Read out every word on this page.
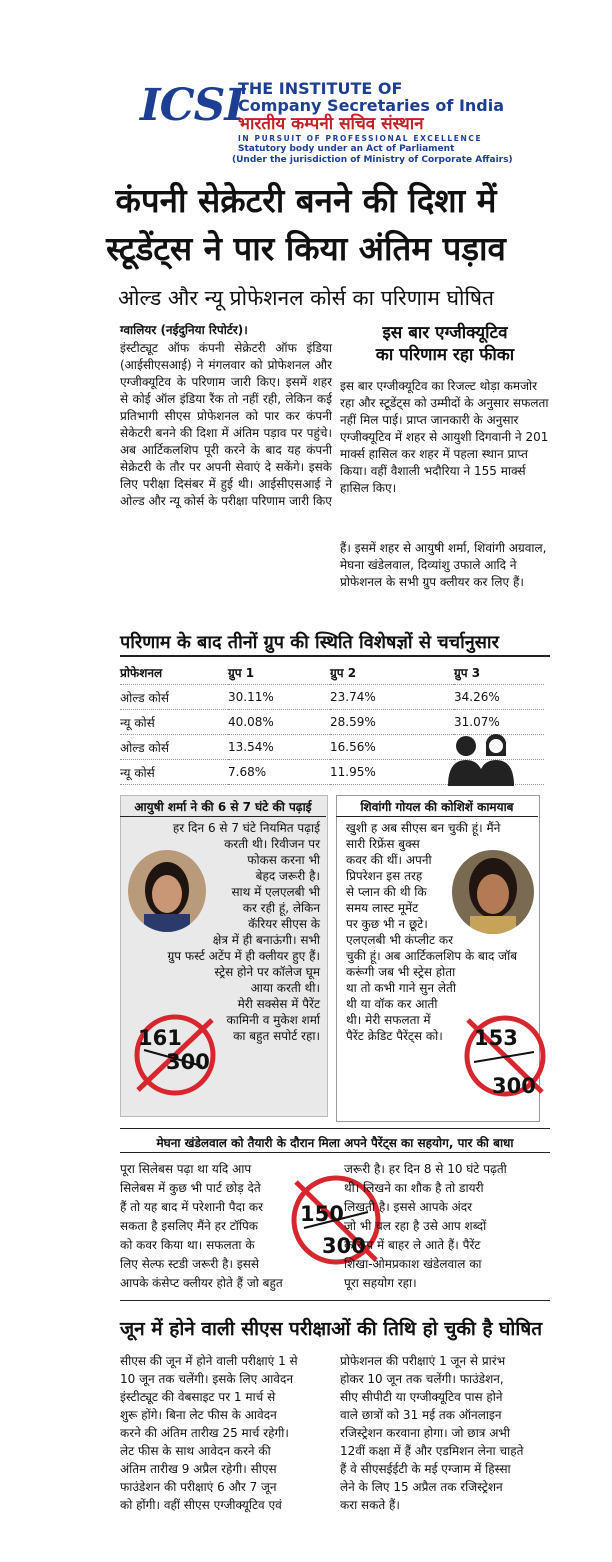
ICSI
THE INSTITUTE OF
Company Secretaries of India
भारतीय कम्पनी सचिव संस्थान
IN PURSUIT OF PROFESSIONAL EXCELLENCE
Statutory body under an Act of Parliament
(Under the jurisdiction of Ministry of Corporate Affairs)
कंपनी सेक्रेटरी बनने की दिशा में
स्टूडेंट्स ने पार किया अंतिम पड़ाव
ओल्ड और न्यू प्रोफेशनल कोर्स का परिणाम घोषित
ग्वालियर (नईदुनिया रिपोर्टर)।
इंस्टीट्यूट ऑफ कंपनी सेक्रेटरी ऑफ इंडिया (आईसीएसआई) ने मंगलवार को प्रोफेशनल और एग्जीक्यूटिव के परिणाम जारी किए। इसमें शहर से कोई ऑल इंडिया रैंक तो नहीं रही, लेकिन कई प्रतिभागी सीएस प्रोफेशनल को पार कर कंपनी सेकेटरी बनने की दिशा में अंतिम पड़ाव पर पहुंचे। अब आर्टिकलशिप पूरी करने के बाद यह कंपनी सेक्रेटरी के तौर पर अपनी सेवाएं दे सकेंगे। इसके लिए परीक्षा दिसंबर में हुई थी। आईसीएसआई ने ओल्ड और न्यू कोर्स के परीक्षा परिणाम जारी किए
इस बार एग्जीक्यूटिव
का परिणाम रहा फीका
इस बार एग्जीक्यूटिव का रिजल्ट थोड़ा कमजोर रहा और स्टूडेंट्स को उम्मीदों के अनुसार सफलता नहीं मिल पाई। प्राप्त जानकारी के अनुसार एग्जीक्यूटिव में शहर से आयुशी दिगवानी ने 201 मार्क्स हासिल कर शहर में पहला स्थान प्राप्त किया। वहीं वैशाली भदौरिया ने 155 मार्क्स हासिल किए।
हैं। इसमें शहर से आयुषी शर्मा, शिवांगी अग्रवाल, मेघना खंडेलवाल, दिव्यांशु उफाले आदि ने प्रोफेशनल के सभी ग्रुप क्लीयर कर लिए हैं।
परिणाम के बाद तीनों ग्रुप की स्थिति विशेषज्ञों से चर्चानुसार
प्रोफेशनल	ग्रुप 1	ग्रुप 2	ग्रुप 3
ओल्ड कोर्स	30.11%	23.74%	34.26%
न्यू कोर्स	40.08%	28.59%	31.07%
ओल्ड कोर्स	13.54%	16.56%	
न्यू कोर्स	7.68%	11.95%	
आयुषी शर्मा ने की 6 से 7 घंटे की पढ़ाई
हर दिन 6 से 7 घंटे नियमित पढ़ाई
करती थी। रिवीजन पर
फोकस करना भी
बेहद जरूरी है।
साथ में एलएलबी भी
कर रही हूं, लेकिन
कॅरियर सीएस के
क्षेत्र में ही बनाऊंगी। सभी
ग्रुप फर्स्ट अटेंप में ही क्लीयर हुए हैं।
स्ट्रेस होने पर कॉलेज घूम
आया करती थी।
मेरी सक्सेस में पैरेंट
कामिनी व मुकेश शर्मा
का बहुत सपोर्ट रहा।
161
300
शिवांगी गोयल की कोशिशें कामयाब
खुशी ह अब सीएस बन चुकी हूं। मैंने
सारी रिफ्रेंस बुक्स
कवर की थीं। अपनी
प्रिपरेशन इस तरह
से प्लान की थी कि
समय लास्ट मूमेंट
पर कुछ भी न छूटे।
एलएलबी भी कंप्लीट कर
चुकी हूं। अब आर्टिकलशिप के बाद जॉब
करूंगी जब भी स्ट्रेस होता
था तो कभी गाने सुन लेती
थी या वॉक कर आती
थी। मेरी सफलता में
पैरेंट क्रेडिट पैरेंट्स को।	153
300
मेघना खंडेलवाल को तैयारी के दौरान मिला अपने पैरेंट्स का सहयोग, पार की बाधा
पूरा सिलेबस पढ़ा था यदि आप
सिलेबस में कुछ भी पार्ट छोड़ देते
हैं तो यह बाद में परेशानी पैदा कर
सकता है इसलिए मैंने हर टॉपिक
को कवर किया था। सफलता के
लिए सेल्फ स्टडी जरूरी है। इससे
आपके कंसेप्ट क्लीयर होते हैं जो बहुत
150
300
जरूरी है। हर दिन 8 से 10 घंटे पढ़ती
थी। लिखने का शौक है तो डायरी
लिखती है। इससे आपके अंदर
जो भी चल रहा है उसे आप शब्दों
के रूप में बाहर ले आते हैं। पैरेंट
शिखा-ओमप्रकाश खंडेलवाल का
पूरा सहयोग रहा।
जून में होने वाली सीएस परीक्षाओं की तिथि हो चुकी है घोषित
सीएस की जून में होने वाली परीक्षाएं 1 से
10 जून तक चलेंगी। इसके लिए आवेदन
इंस्टीट्यूट की वेबसाइट पर 1 मार्च से
शुरू होंगे। बिना लेट फीस के आवेदन
करने की अंतिम तारीख 25 मार्च रहेगी।
लेट फीस के साथ आवेदन करने की
अंतिम तारीख 9 अप्रैल रहेगी। सीएस
फाउंडेशन की परीक्षाएं 6 और 7 जून
को होंगी। वहीं सीएस एग्जीक्यूटिव एवं
प्रोफेशनल की परीक्षाएं 1 जून से प्रारंभ
होकर 10 जून तक चलेंगी। फाउंडेशन,
सीए सीपीटी या एग्जीक्यूटिव पास होने
वाले छात्रों को 31 मई तक ऑनलाइन
रजिस्ट्रेशन करवाना होगा। जो छात्र अभी
12वीं कक्षा में हैं और एडमिशन लेना चाहते
हैं वे सीएसईईटी के मई एग्जाम में हिस्सा
लेने के लिए 15 अप्रैल तक रजिस्ट्रेशन
करा सकते हैं।
